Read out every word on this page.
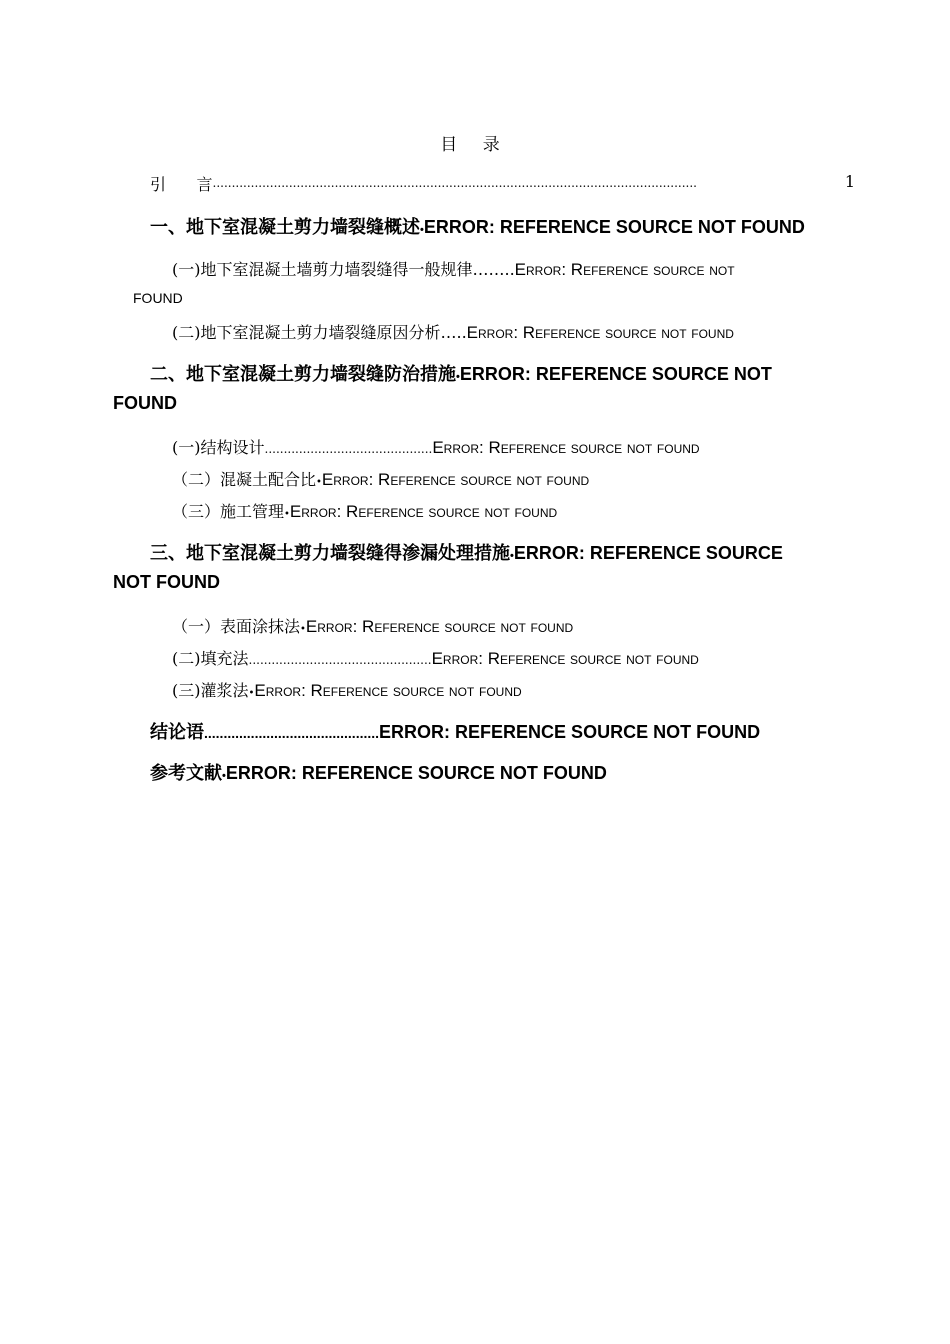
目 录
引      言...............................................................................................................................	1
一、地下室混凝土剪力墙裂缝概述•ERROR: REFERENCE SOURCE NOT FOUND
(一)地下室混凝土墙剪力墙裂缝得一般规律……..Error: Reference source not
FOUND
(二)地下室混凝土剪力墙裂缝原因分析…..Error: Reference source not found
二、地下室混凝土剪力墙裂缝防治措施•ERROR: REFERENCE SOURCE NOT
FOUND
(一)结构设计............................................Error: Reference source not found
（二）混凝土配合比•Error: Reference source not found
（三）施工管理•Error: Reference source not found
三、地下室混凝土剪力墙裂缝得渗漏处理措施•ERROR: REFERENCE SOURCE
NOT FOUND
（一）表面涂抹法•Error: Reference source not found
(二)填充法................................................Error: Reference source not found
(三)灌浆法•Error: Reference source not found
结论语.............................................ERROR: REFERENCE SOURCE NOT FOUND
参考文献•ERROR: REFERENCE SOURCE NOT FOUND
